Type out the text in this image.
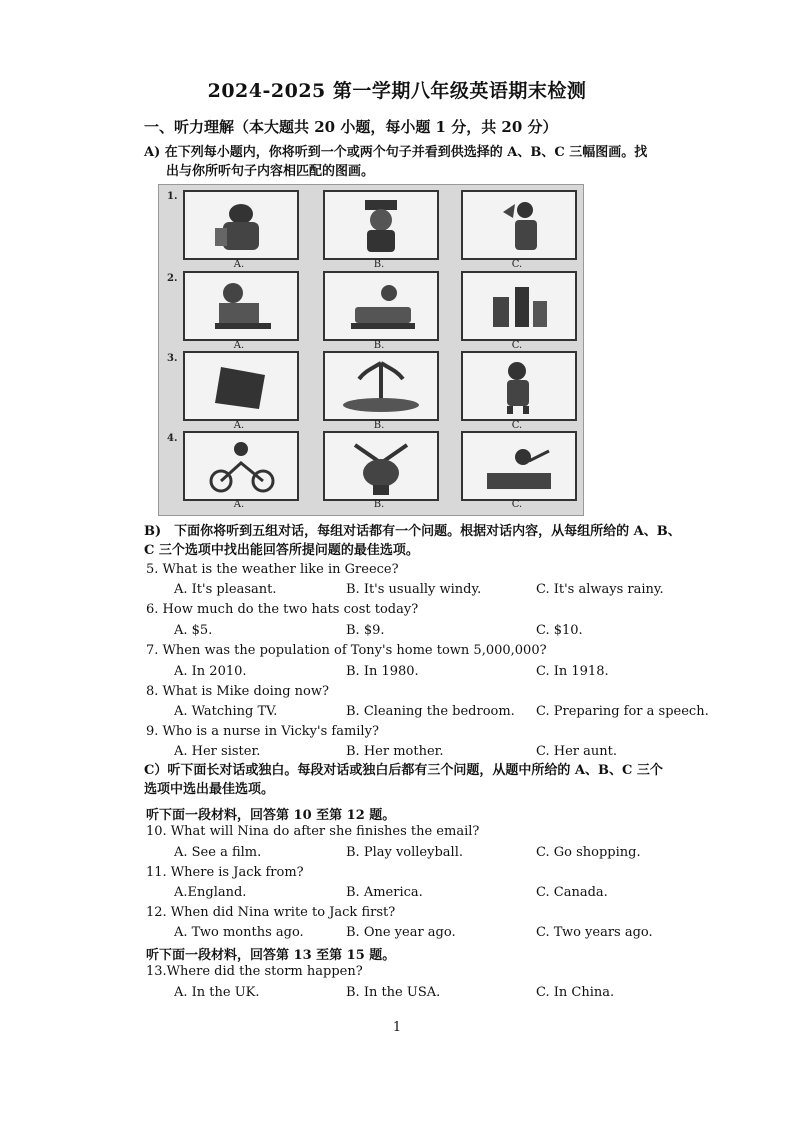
2024-2025 第一学期八年级英语期末检测
一、听力理解（本大题共 20 小题，每小题 1 分，共 20 分）
A) 在下列每小题内，你将听到一个或两个句子并看到供选择的 A、B、C 三幅图画。找
出与你所听句子内容相匹配的图画。
1.
A.	B.	C.
2.
A.	B.	C.
3.
A.	B.	C.
4.
A.	B.	C.
B)　下面你将听到五组对话，每组对话都有一个问题。根据对话内容，从每组所给的 A、B、
C 三个选项中找出能回答所提问题的最佳选项。
5. What is the weather like in Greece?
A. It's pleasant.	B. It's usually windy.	C. It's always rainy.
6. How much do the two hats cost today?
A. $5.	B. $9.	C. $10.
7. When was the population of Tony's home town 5,000,000?
A. In 2010.	B. In 1980.	C. In 1918.
8. What is Mike doing now?
A. Watching TV.	B. Cleaning the bedroom. C. Preparing for a speech.
9. Who is a nurse in Vicky's family?
A. Her sister.	B. Her mother.	C. Her aunt.
C）听下面长对话或独白。每段对话或独白后都有三个问题，从题中所给的 A、B、C 三个
选项中选出最佳选项。
听下面一段材料，回答第 10 至第 12 题。
10. What will Nina do after she finishes the email?
A. See a film.	B. Play volleyball.	C. Go shopping.
11. Where is Jack from?
A.England.	B. America.	C. Canada.
12. When did Nina write to Jack first?
A. Two months ago.	B. One year ago.	C. Two years ago.
听下面一段材料，回答第 13 至第 15 题。
13.Where did the storm happen?
A. In the UK.	B. In the USA.	C. In China.
1
